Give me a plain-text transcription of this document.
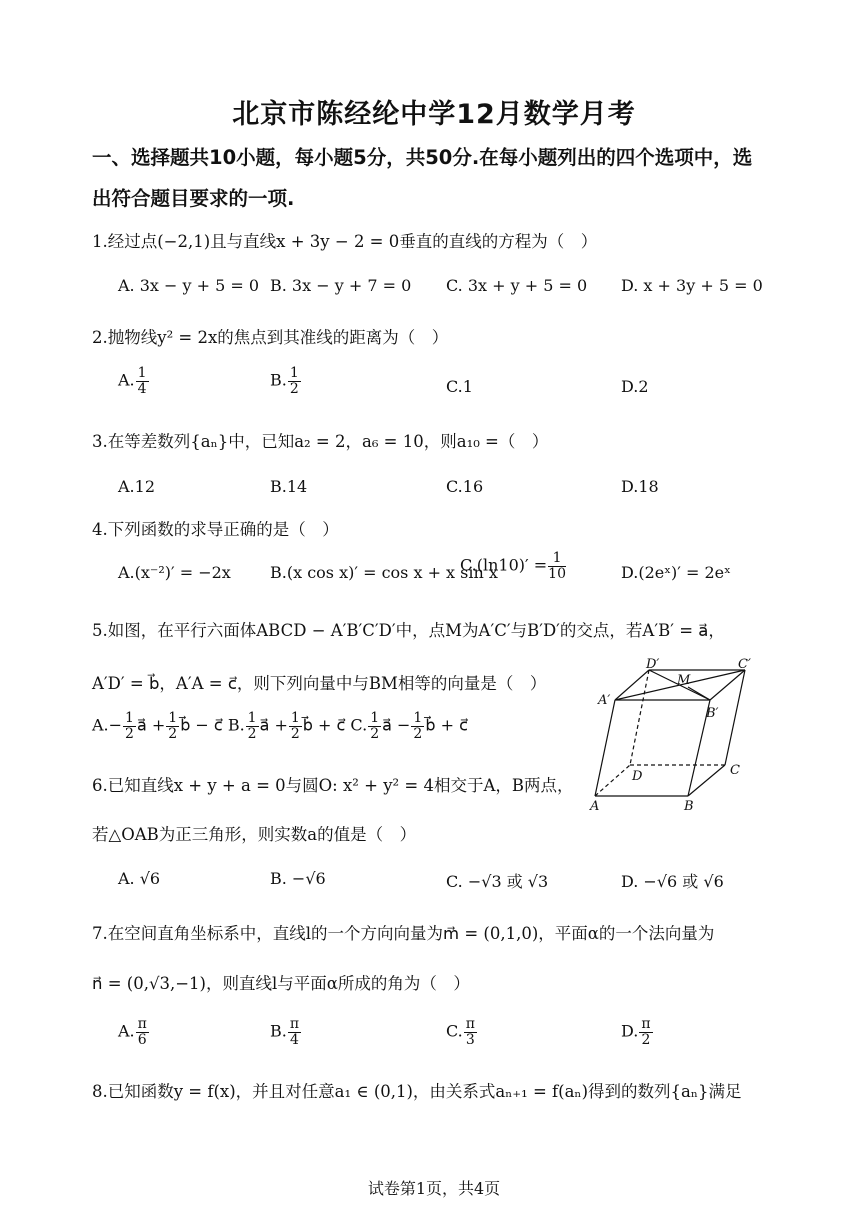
北京市陈经纶中学12月数学月考
一、选择题共10小题，每小题5分，共50分.在每小题列出的四个选项中，选
出符合题目要求的一项.
1.经过点(−2,1)且与直线x + 3y − 2 = 0垂直的直线的方程为（　）
A. 3x − y + 5 = 0 B. 3x − y + 7 = 0 C. 3x + y + 5 = 0 D. x + 3y + 5 = 0
2.抛物线y² = 2x的焦点到其准线的距离为（　）
A. $\frac{1}{4}$	B. $\frac{1}{2}$	C.1	D.2
3.在等差数列{aₙ}中，已知a₂ = 2，a₆ = 10，则a₁₀ =（　）
A.12	B.14	C.16	D.18
4.下列函数的求导正确的是（　）
A.(x⁻²)′ = −2x B.(x cos x)′ = cos x + x sin x
$C.(\ln 10)' = \frac{1}{10}$	D.(2eˣ)′ = 2eˣ
5.如图，在平行六面体ABCD − A′B′C′D′中，点M为A′C′与B′D′的交点，若A′B′ = a⃗，
A′D′ = b⃗，A′A = c⃗，则下列向量中与BM相等的向量是（　）
$A.- \frac{1}{2}$ a⃗ + $\frac{1}{2}$ b⃗ − c⃗ B. $\frac{1}{2}$ a⃗ + $\frac{1}{2}$ b⃗ + c⃗ C. $\frac{1}{2}$ a⃗ − $\frac{1}{2}$ b⃗ + c⃗
D′	C′
M
A′
B′
D	C
A	B
6.已知直线x + y + a = 0与圆O: x² + y² = 4相交于A，B两点，
若△OAB为正三角形，则实数a的值是（　）
A. √6	B. −√6	C. −√3 或 √3	D. −√6 或 √6
7.在空间直角坐标系中，直线l的一个方向向量为m⃗ = (0,1,0)，平面α的一个法向量为
n⃗ = (0,√3,−1)，则直线l与平面α所成的角为（　）
A. $\frac{\pi}{6}$	B. $\frac{\pi}{4}$	C. $\frac{\pi}{3}$	D. $\frac{\pi}{2}$
8.已知函数y = f(x)，并且对任意a₁ ∈ (0,1)，由关系式aₙ₊₁ = f(aₙ)得到的数列{aₙ}满足
试卷第1页，共4页
